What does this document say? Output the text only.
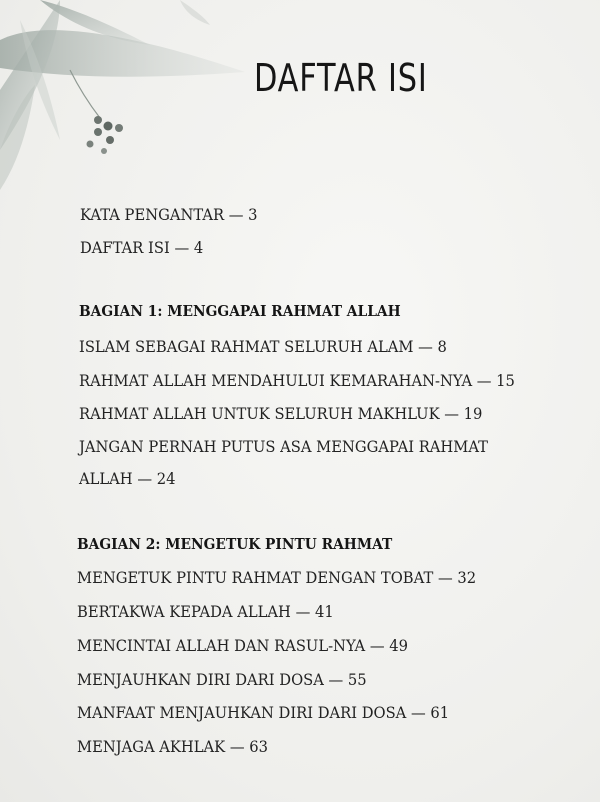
DAFTAR ISI
KATA PENGANTAR — 3
DAFTAR ISI — 4
BAGIAN 1: MENGGAPAI RAHMAT ALLAH
ISLAM SEBAGAI RAHMAT SELURUH ALAM — 8
RAHMAT ALLAH MENDAHULUI KEMARAHAN-NYA — 15
RAHMAT ALLAH UNTUK SELURUH MAKHLUK — 19
JANGAN PERNAH PUTUS ASA MENGGAPAI RAHMAT
ALLAH — 24
BAGIAN 2: MENGETUK PINTU RAHMAT
MENGETUK PINTU RAHMAT DENGAN TOBAT — 32
BERTAKWA KEPADA ALLAH — 41
MENCINTAI ALLAH DAN RASUL-NYA — 49
MENJAUHKAN DIRI DARI DOSA — 55
MANFAAT MENJAUHKAN DIRI DARI DOSA — 61
MENJAGA AKHLAK — 63
